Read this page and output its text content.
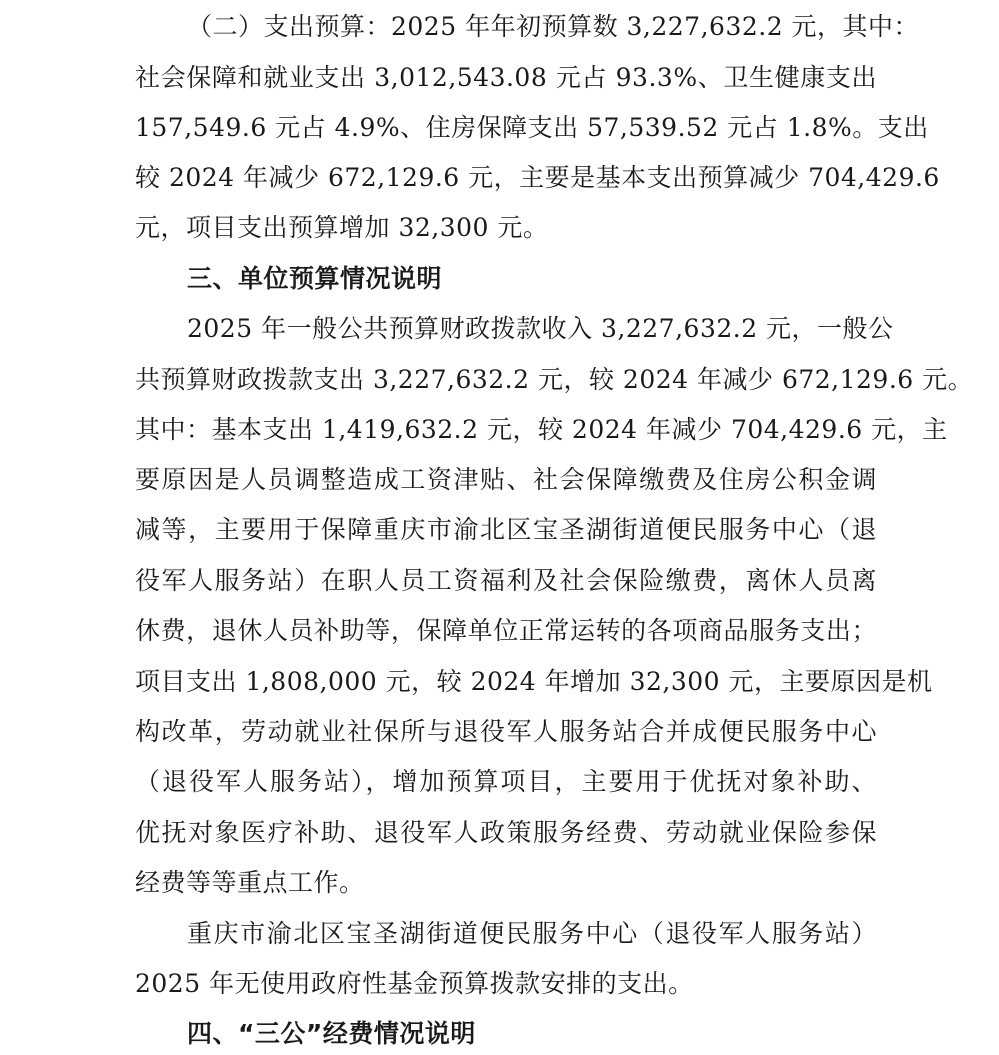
（二）支出预算：2025 年年初预算数 3,227,632.2 元，其中：
社会保障和就业支出 3,012,543.08 元占 93.3%、卫生健康支出
157,549.6 元占 4.9%、住房保障支出 57,539.52 元占 1.8%。支出
较 2024 年减少 672,129.6 元，主要是基本支出预算减少 704,429.6
元，项目支出预算增加 32,300 元。
三、单位预算情况说明
2025 年一般公共预算财政拨款收入 3,227,632.2 元，一般公
共预算财政拨款支出 3,227,632.2 元，较 2024 年减少 672,129.6 元。
其中：基本支出 1,419,632.2 元，较 2024 年减少 704,429.6 元，主
要原因是人员调整造成工资津贴、社会保障缴费及住房公积金调
减等，主要用于保障重庆市渝北区宝圣湖街道便民服务中心（退
役军人服务站）在职人员工资福利及社会保险缴费，离休人员离
休费，退休人员补助等，保障单位正常运转的各项商品服务支出；
项目支出 1,808,000 元，较 2024 年增加 32,300 元，主要原因是机
构改革，劳动就业社保所与退役军人服务站合并成便民服务中心
（退役军人服务站），增加预算项目，主要用于优抚对象补助、
优抚对象医疗补助、退役军人政策服务经费、劳动就业保险参保
经费等等重点工作。
重庆市渝北区宝圣湖街道便民服务中心（退役军人服务站）
2025 年无使用政府性基金预算拨款安排的支出。
四、“三公”经费情况说明
